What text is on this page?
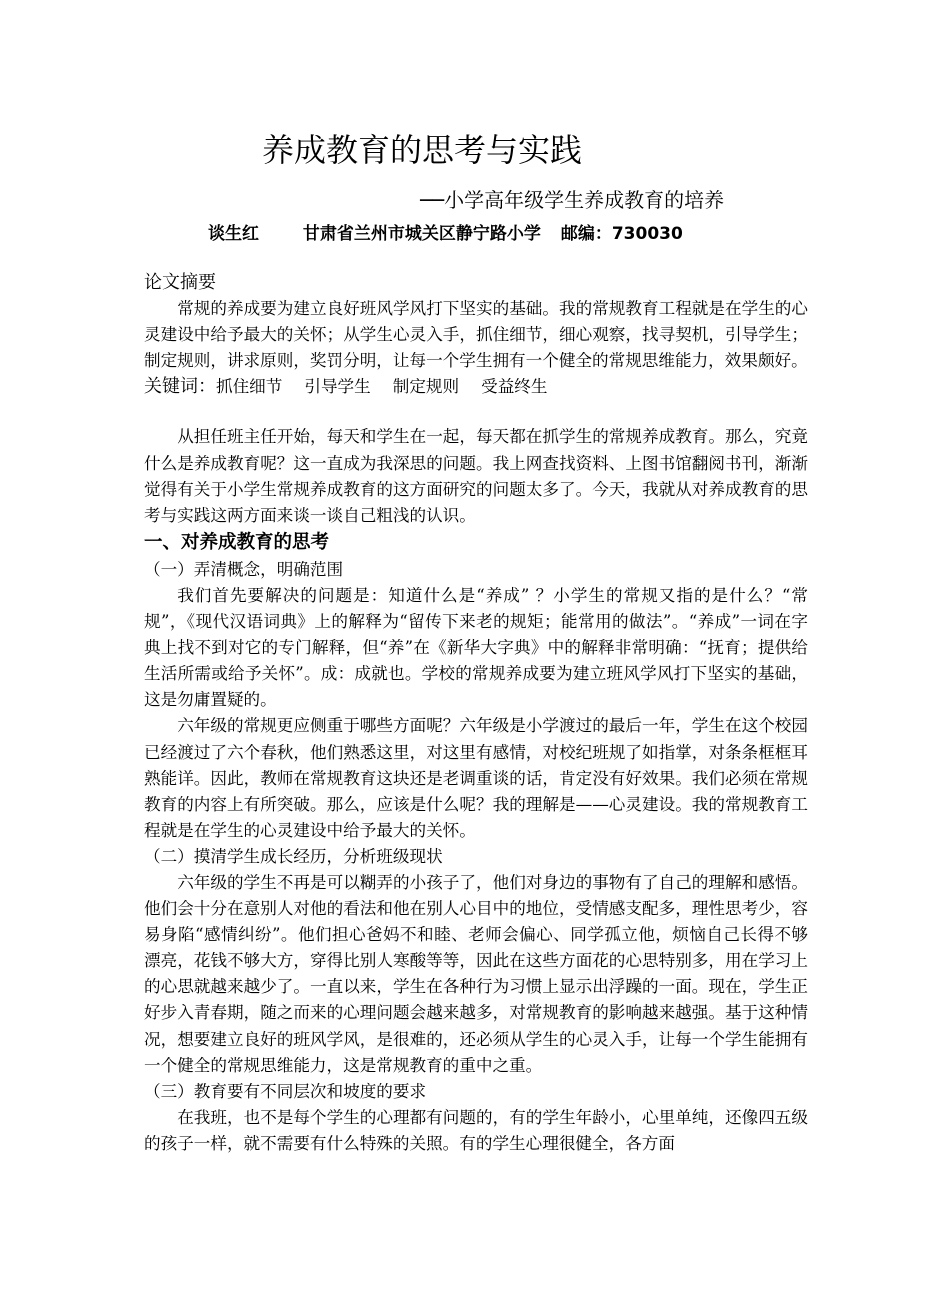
养成教育的思考与实践
──小学高年级学生养成教育的培养
谈生红	甘肃省兰州市城关区静宁路小学 邮编：730030

论文摘要

常规的养成要为建立良好班风学风打下坚实的基础。我的常规教育工程就是在学生的心灵建设中给予最大的关怀；从学生心灵入手，抓住细节，细心观察，找寻契机，引导学生；制定规则，讲求原则，奖罚分明，让每一个学生拥有一个健全的常规思维能力，效果颇好。

关键词：抓住细节 引导学生 制定规则 受益终生

从担任班主任开始，每天和学生在一起，每天都在抓学生的常规养成教育。那么，究竟什么是养成教育呢？这一直成为我深思的问题。我上网查找资料、上图书馆翻阅书刊，渐渐觉得有关于小学生常规养成教育的这方面研究的问题太多了。今天，我就从对养成教育的思考与实践这两方面来谈一谈自己粗浅的认识。

一、对养成教育的思考

（一）弄清概念，明确范围

我们首先要解决的问题是：知道什么是“养成” ？小学生的常规又指的是什么？“常规”，《现代汉语词典》上的解释为“留传下来老的规矩；能常用的做法”。“养成”一词在字典上找不到对它的专门解释，但“养”在《新华大字典》中的解释非常明确：“抚育；提供给生活所需或给予关怀”。成：成就也。学校的常规养成要为建立班风学风打下坚实的基础，这是勿庸置疑的。

六年级的常规更应侧重于哪些方面呢？六年级是小学渡过的最后一年，学生在这个校园已经渡过了六个春秋，他们熟悉这里，对这里有感情，对校纪班规了如指掌，对条条框框耳熟能详。因此，教师在常规教育这块还是老调重谈的话，肯定没有好效果。我们必须在常规教育的内容上有所突破。那么，应该是什么呢？我的理解是——心灵建设。我的常规教育工程就是在学生的心灵建设中给予最大的关怀。

（二）摸清学生成长经历，分析班级现状

六年级的学生不再是可以糊弄的小孩子了，他们对身边的事物有了自己的理解和感悟。他们会十分在意别人对他的看法和他在别人心目中的地位，受情感支配多，理性思考少，容易身陷“感情纠纷”。他们担心爸妈不和睦、老师会偏心、同学孤立他，烦恼自己长得不够漂亮，花钱不够大方，穿得比别人寒酸等等，因此在这些方面花的心思特别多，用在学习上的心思就越来越少了。一直以来，学生在各种行为习惯上显示出浮躁的一面。现在，学生正好步入青春期，随之而来的心理问题会越来越多，对常规教育的影响越来越强。基于这种情况，想要建立良好的班风学风，是很难的，还必须从学生的心灵入手，让每一个学生能拥有一个健全的常规思维能力，这是常规教育的重中之重。

（三）教育要有不同层次和坡度的要求

在我班，也不是每个学生的心理都有问题的，有的学生年龄小，心里单纯，还像四五级的孩子一样，就不需要有什么特殊的关照。有的学生心理很健全，各方面
